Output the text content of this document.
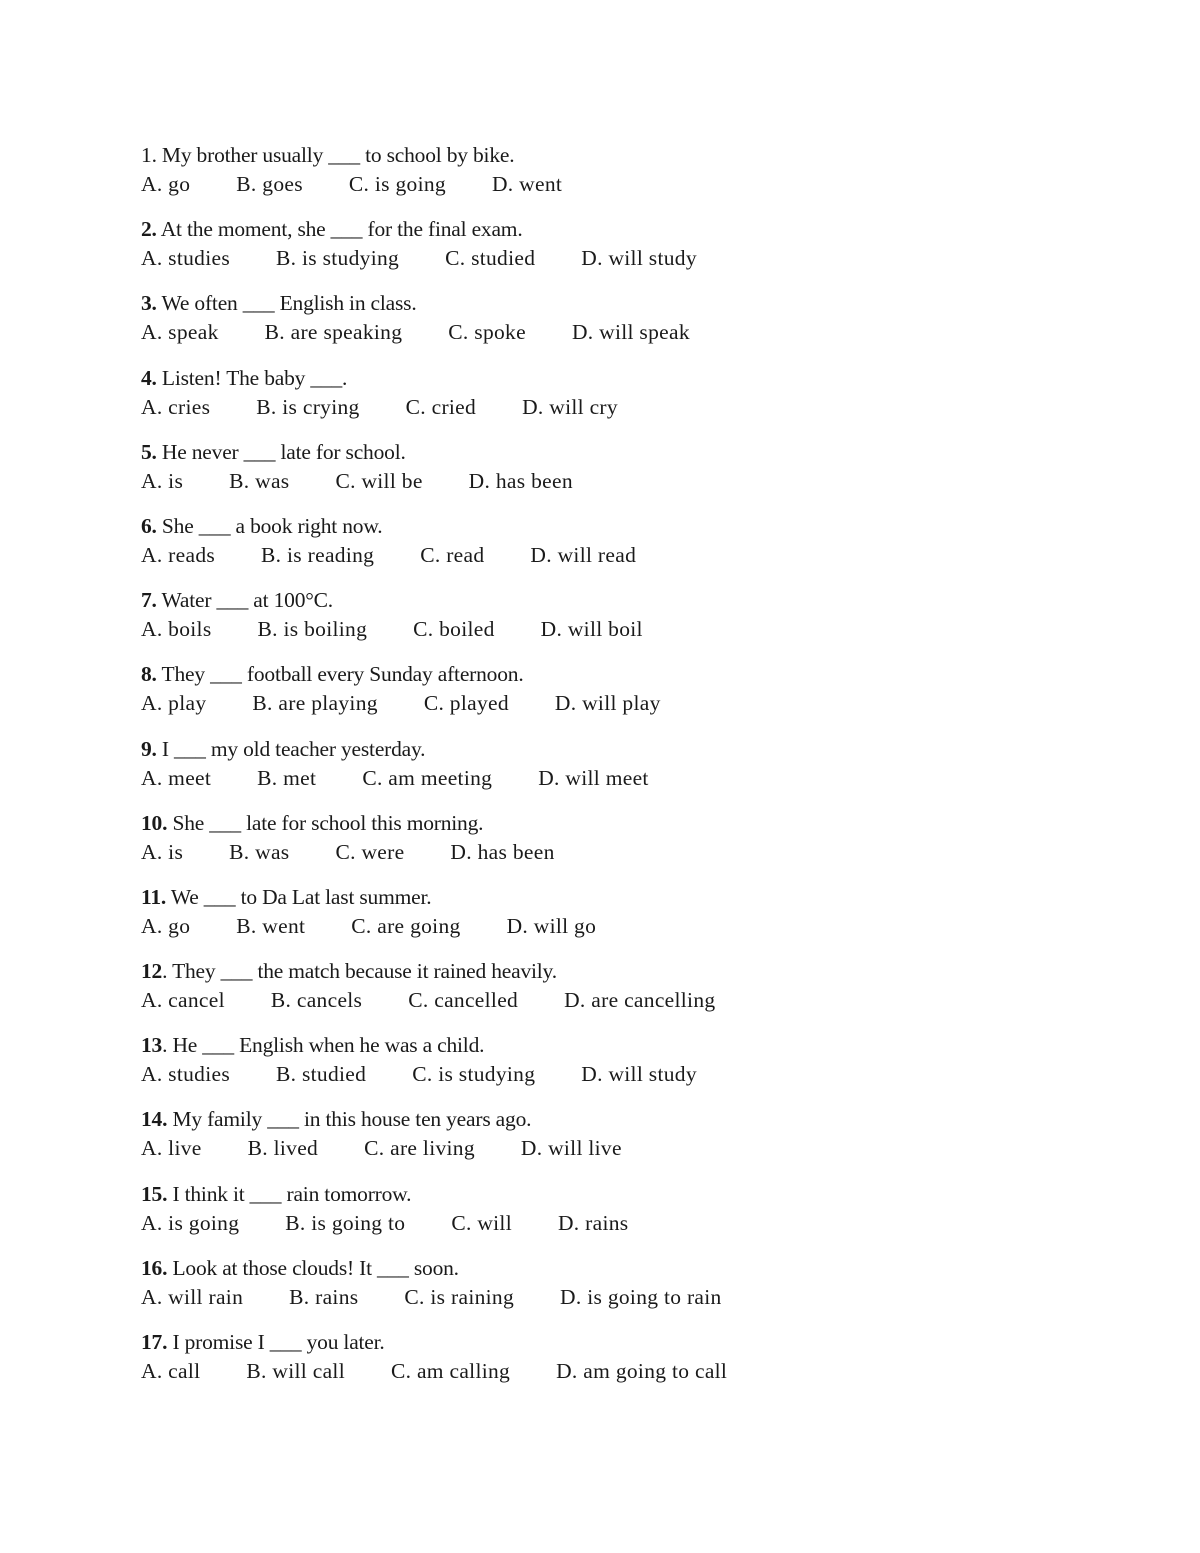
1. My brother usually ___ to school by bike.
A. go B. goes C. is going D. went
2. At the moment, she ___ for the final exam.
A. studies B. is studying C. studied D. will study
3. We often ___ English in class.
A. speak B. are speaking C. spoke D. will speak
4. Listen! The baby ___.
A. cries B. is crying C. cried D. will cry
5. He never ___ late for school.
A. is B. was C. will be D. has been
6. She ___ a book right now.
A. reads B. is reading C. read D. will read
7. Water ___ at 100°C.
A. boils B. is boiling C. boiled D. will boil
8. They ___ football every Sunday afternoon.
A. play B. are playing C. played D. will play
9. I ___ my old teacher yesterday.
A. meet B. met C. am meeting D. will meet
10. She ___ late for school this morning.
A. is B. was C. were D. has been
11. We ___ to Da Lat last summer.
A. go B. went C. are going D. will go
12. They ___ the match because it rained heavily.
A. cancel B. cancels C. cancelled D. are cancelling
13. He ___ English when he was a child.
A. studies B. studied C. is studying D. will study
14. My family ___ in this house ten years ago.
A. live B. lived C. are living D. will live
15. I think it ___ rain tomorrow.
A. is going B. is going to C. will D. rains
16. Look at those clouds! It ___ soon.
A. will rain B. rains C. is raining D. is going to rain
17. I promise I ___ you later.
A. call B. will call C. am calling D. am going to call
